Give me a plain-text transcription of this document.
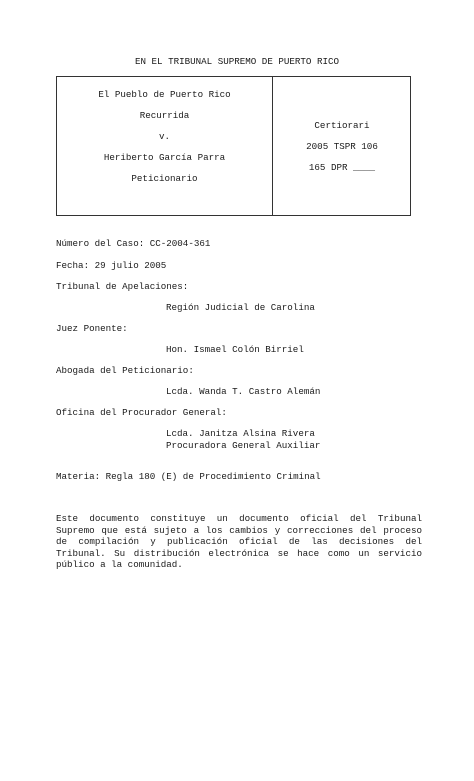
EN EL TRIBUNAL SUPREMO DE PUERTO RICO
El Pueblo de Puerto Rico
Recurrida
v.
Heriberto García Parra
Peticionario
Certiorari
2005 TSPR 106
165 DPR ____
Número del Caso: CC-2004-361
Fecha: 29 julio 2005
Tribunal de Apelaciones:
Región Judicial de Carolina
Juez Ponente:
Hon. Ismael Colón Birriel
Abogada del Peticionario:
Lcda. Wanda T. Castro Alemán
Oficina del Procurador General:
Lcda. Janitza Alsina Rivera
Procuradora General Auxiliar
Materia: Regla 180 (E) de Procedimiento Criminal
Este documento constituye un documento oficial del Tribunal Supremo que está sujeto a los cambios y correcciones del proceso de compilación y publicación oficial de las decisiones del Tribunal. Su distribución electrónica se hace como un servicio público a la comunidad.
